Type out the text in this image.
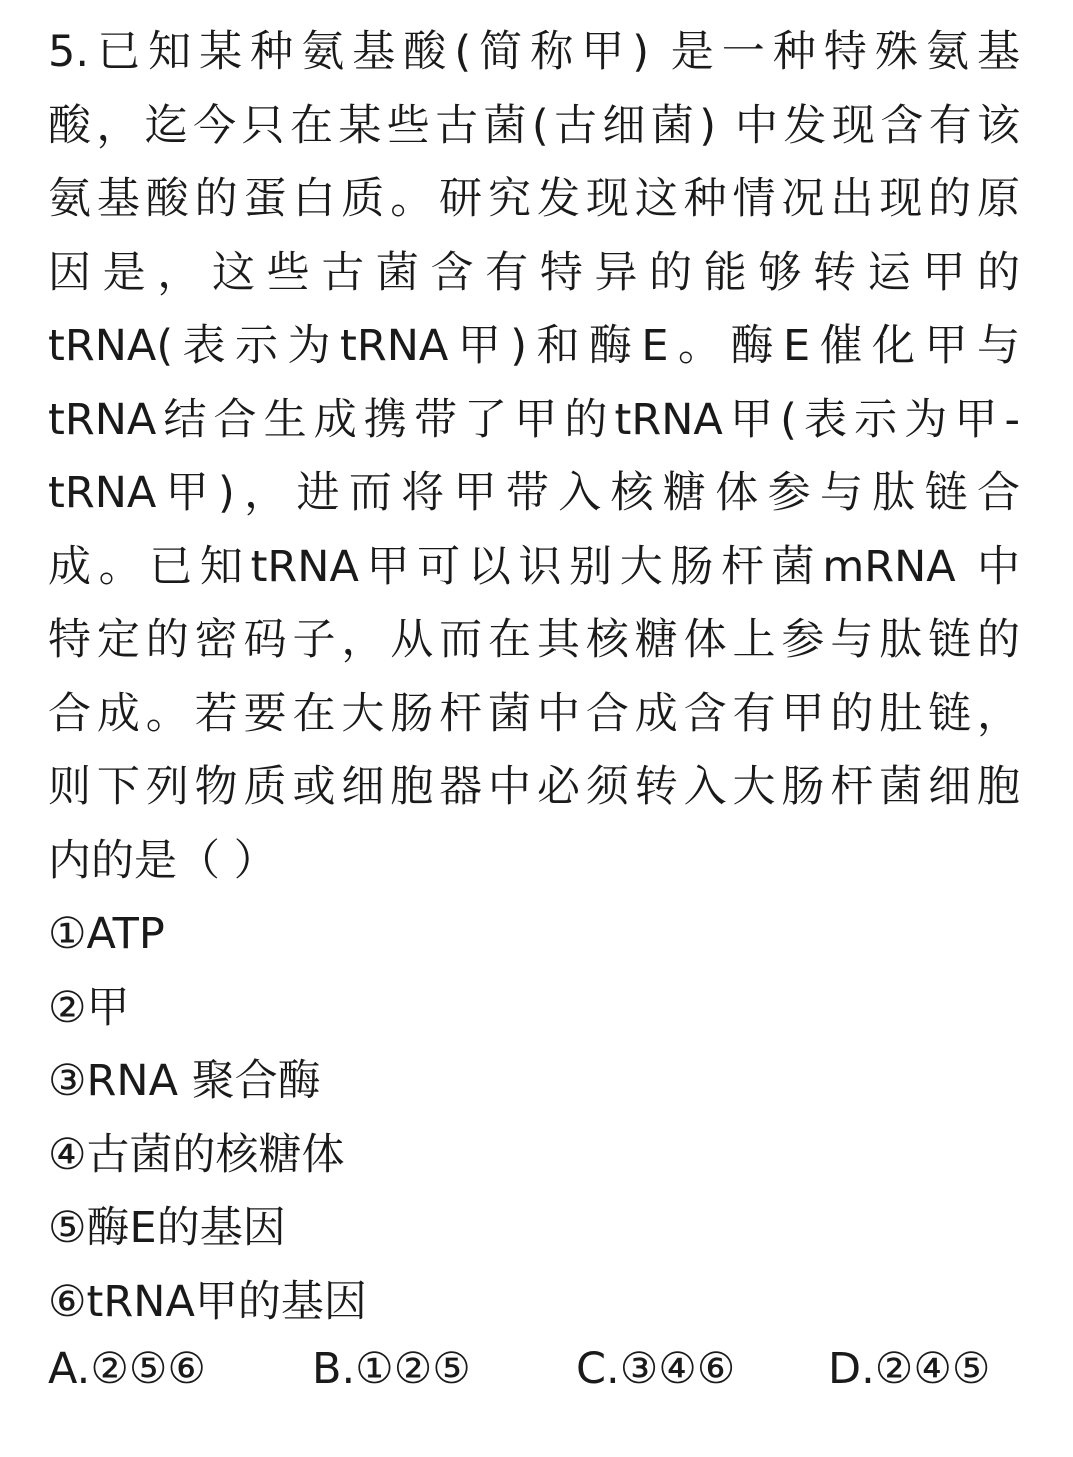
5.已知某种氨基酸(简称甲) 是一种特殊氨基
酸，迄今只在某些古菌(古细菌) 中发现含有该
氨基酸的蛋白质。研究发现这种情况出现的原
因是，这些古菌含有特异的能够转运甲的
tRNA(表示为tRNA甲)和酶E。酶E催化甲与
tRNA结合生成携带了甲的tRNA甲(表示为甲-
tRNA甲)，进而将甲带入核糖体参与肽链合
成。已知tRNA甲可以识别大肠杆菌mRNA 中
特定的密码子，从而在其核糖体上参与肽链的
合成。若要在大肠杆菌中合成含有甲的肚链，
则下列物质或细胞器中必须转入大肠杆菌细胞
内的是（ ）
①ATP
②甲
③RNA 聚合酶
④古菌的核糖体
⑤酶E的基因
⑥tRNA甲的基因
A.②⑤⑥ B.①②⑤ C.③④⑥ D.②④⑤
